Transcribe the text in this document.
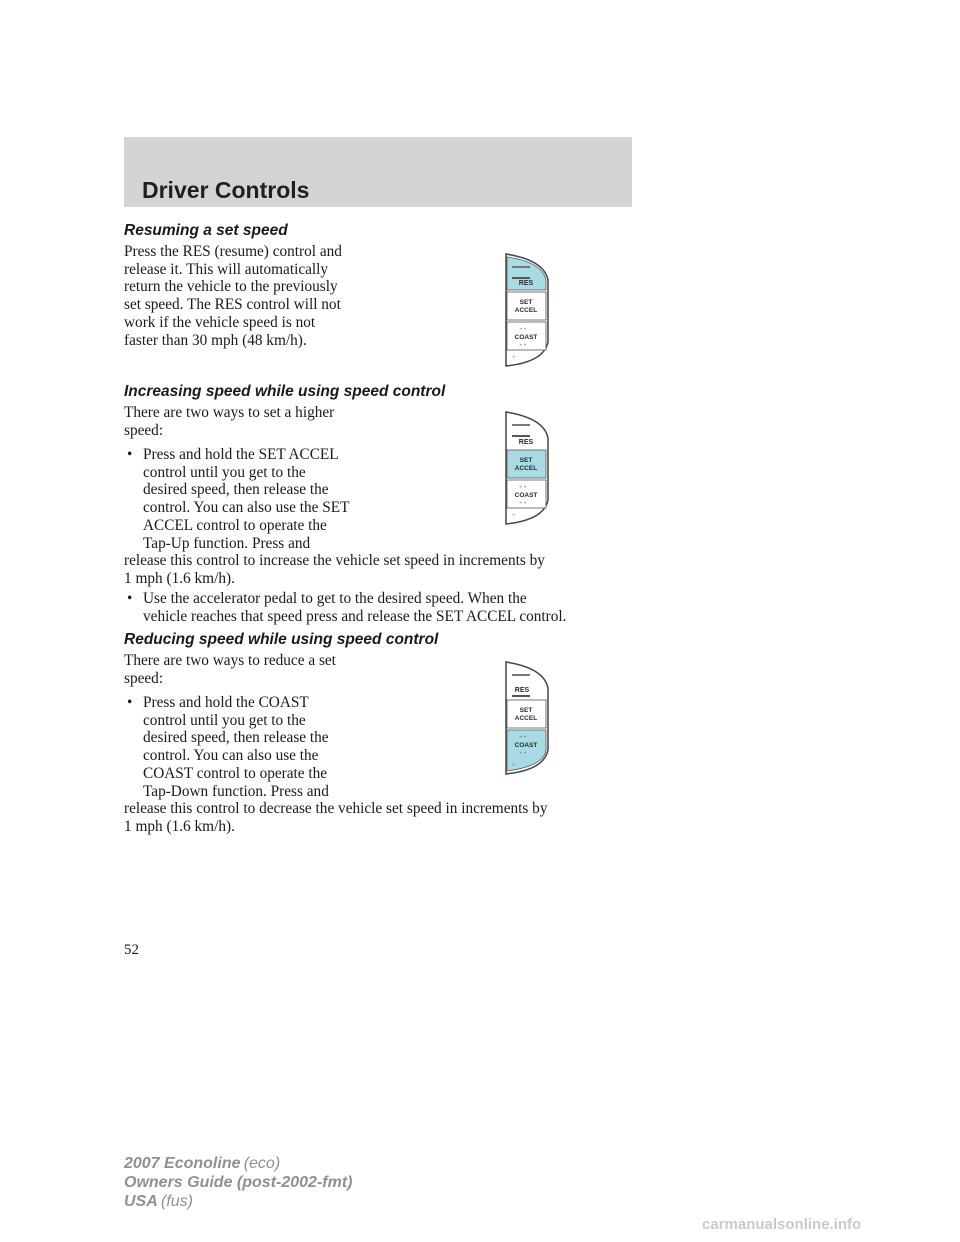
Driver Controls
Resuming a set speed
Press the RES (resume) control and
release it. This will automatically
return the vehicle to the previously
set speed. The RES control will not
work if the vehicle speed is not
faster than 30 mph (48 km/h).
RES
SET
ACCEL
» «
COAST
» «
»
Increasing speed while using speed control
There are two ways to set a higher
speed:
• Press and hold the SET ACCEL
control until you get to the
desired speed, then release the
control. You can also use the SET
ACCEL control to operate the
Tap-Up function. Press and
release this control to increase the vehicle set speed in increments by
1 mph (1.6 km/h).
• Use the accelerator pedal to get to the desired speed. When the
vehicle reaches that speed press and release the SET ACCEL control.
RES
SET
ACCEL
» «
COAST
» «
»
Reducing speed while using speed control
There are two ways to reduce a set
speed:
• Press and hold the COAST
control until you get to the
desired speed, then release the
control. You can also use the
COAST control to operate the
Tap-Down function. Press and
release this control to decrease the vehicle set speed in increments by
1 mph (1.6 km/h).
RES
SET
ACCEL
» «
COAST
» «
»
52
2007 Econoline (eco)
Owners Guide (post-2002-fmt)
USA (fus)
carmanualsonline.info
